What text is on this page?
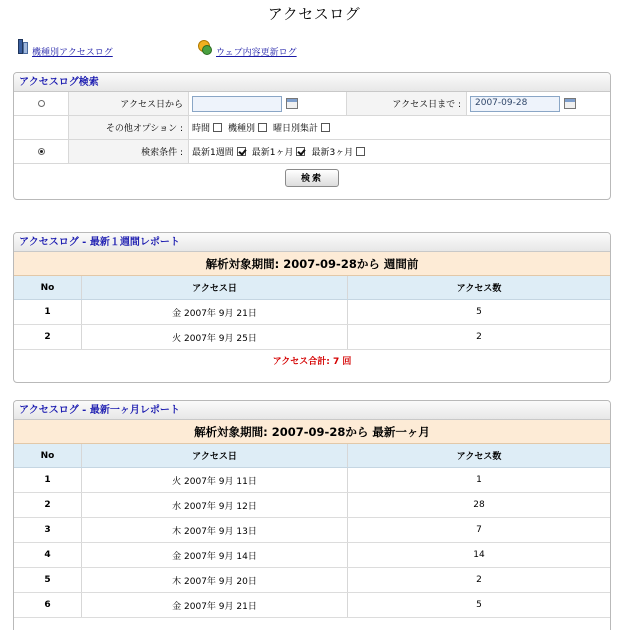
アクセスログ
機種別アクセスログ	ウェブ内容更新ログ
アクセスログ検索
アクセス日から	アクセス日まで :	2007-09-28
その他オプション :	時間 機種別 曜日別集計
検索条件 :	最新1週間 最新1ヶ月 最新3ヶ月
検索
アクセスログ - 最新１週間レポート
解析対象期間: 2007-09-28から 週間前
No	アクセス日	アクセス数
1	金 2007年 9月 21日	5
2	火 2007年 9月 25日	2
アクセス合計: 7 回
アクセスログ - 最新一ヶ月レポート
解析対象期間: 2007-09-28から 最新一ヶ月
No	アクセス日	アクセス数
1	火 2007年 9月 11日	1
2	水 2007年 9月 12日	28
3	木 2007年 9月 13日	7
4	金 2007年 9月 14日	14
5	木 2007年 9月 20日	2
6	金 2007年 9月 21日	5
